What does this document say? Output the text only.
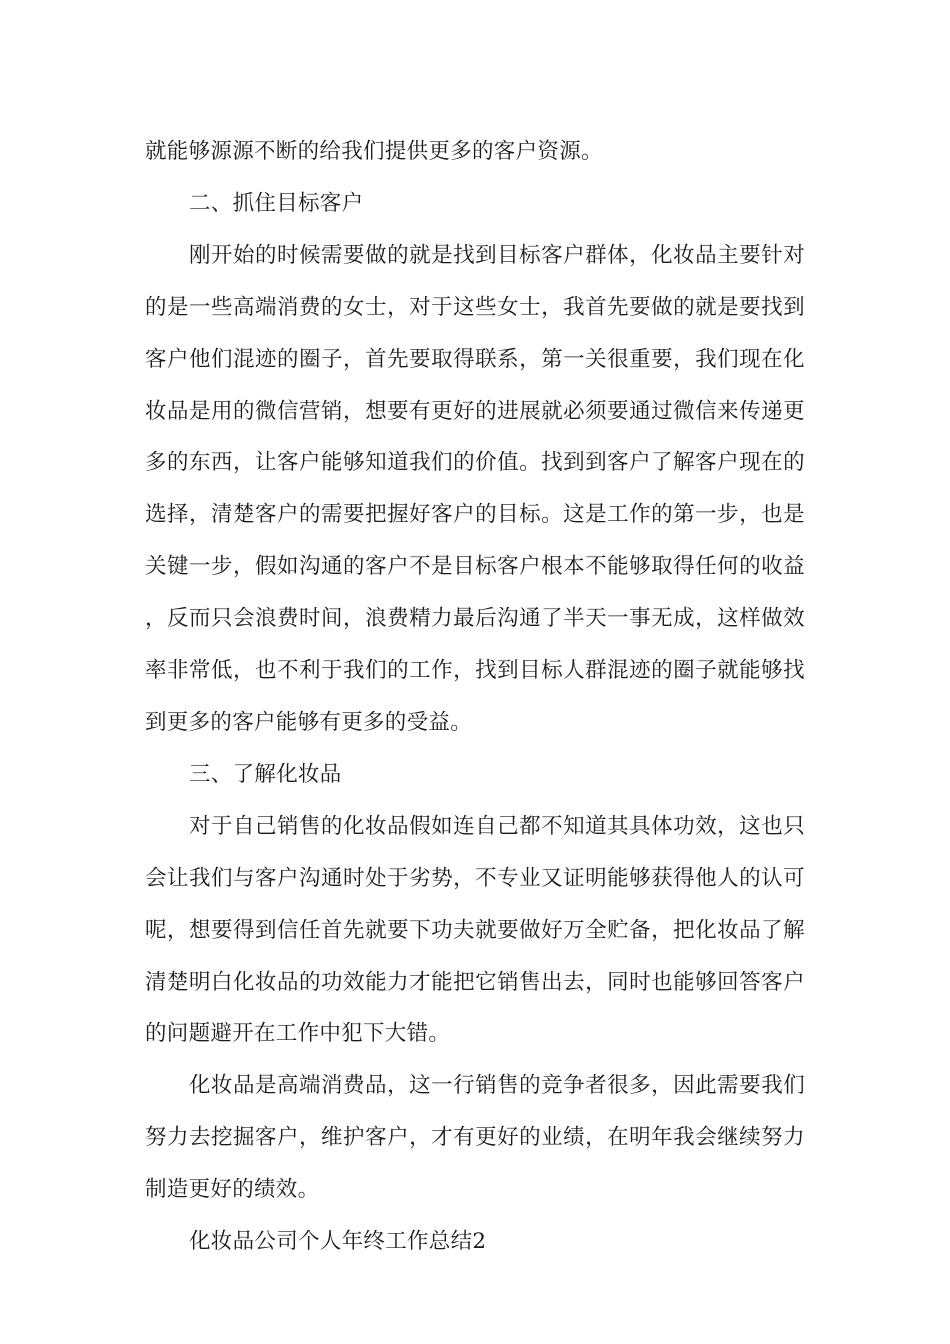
就能够源源不断的给我们提供更多的客户资源。

二、抓住目标客户

刚开始的时候需要做的就是找到目标客户群体，化妆品主要针对的是一些高端消费的女士，对于这些女士，我首先要做的就是要找到客户他们混迹的圈子，首先要取得联系，第一关很重要，我们现在化妆品是用的微信营销，想要有更好的进展就必须要通过微信来传递更多的东西，让客户能够知道我们的价值。找到到客户了解客户现在的选择，清楚客户的需要把握好客户的目标。这是工作的第一步，也是关键一步，假如沟通的客户不是目标客户根本不能够取得任何的收益，反而只会浪费时间，浪费精力最后沟通了半天一事无成，这样做效率非常低，也不利于我们的工作，找到目标人群混迹的圈子就能够找到更多的客户能够有更多的受益。

三、了解化妆品

对于自己销售的化妆品假如连自己都不知道其具体功效，这也只会让我们与客户沟通时处于劣势，不专业又证明能够获得他人的认可呢，想要得到信任首先就要下功夫就要做好万全贮备，把化妆品了解清楚明白化妆品的功效能力才能把它销售出去，同时也能够回答客户的问题避开在工作中犯下大错。

化妆品是高端消费品，这一行销售的竞争者很多，因此需要我们努力去挖掘客户，维护客户，才有更好的业绩，在明年我会继续努力制造更好的绩效。

化妆品公司个人年终工作总结2
